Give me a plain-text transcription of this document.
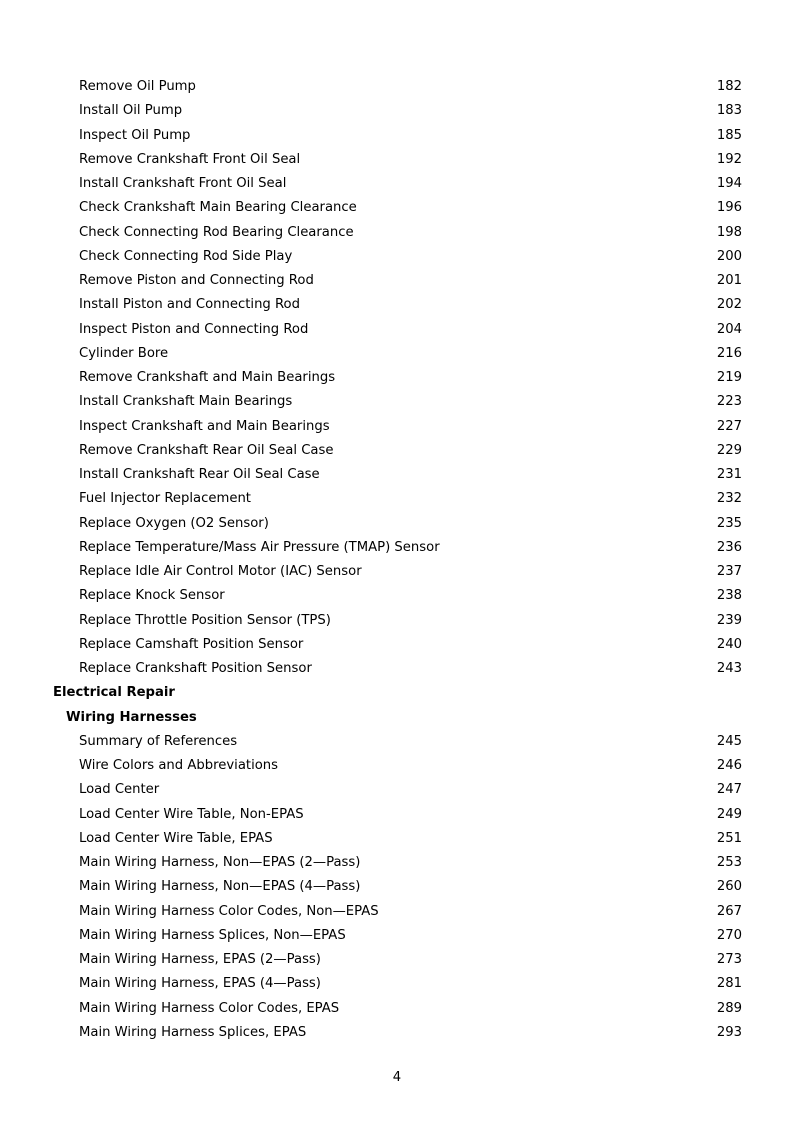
Remove Oil Pump	182
Install Oil Pump	183
Inspect Oil Pump	185
Remove Crankshaft Front Oil Seal	192
Install Crankshaft Front Oil Seal	194
Check Crankshaft Main Bearing Clearance	196
Check Connecting Rod Bearing Clearance	198
Check Connecting Rod Side Play	200
Remove Piston and Connecting Rod	201
Install Piston and Connecting Rod	202
Inspect Piston and Connecting Rod	204
Cylinder Bore	216
Remove Crankshaft and Main Bearings	219
Install Crankshaft Main Bearings	223
Inspect Crankshaft and Main Bearings	227
Remove Crankshaft Rear Oil Seal Case	229
Install Crankshaft Rear Oil Seal Case	231
Fuel Injector Replacement	232
Replace Oxygen (O2 Sensor)	235
Replace Temperature/Mass Air Pressure (TMAP) Sensor	236
Replace Idle Air Control Motor (IAC) Sensor	237
Replace Knock Sensor	238
Replace Throttle Position Sensor (TPS)	239
Replace Camshaft Position Sensor	240
Replace Crankshaft Position Sensor	243
Electrical Repair
Wiring Harnesses
Summary of References	245
Wire Colors and Abbreviations	246
Load Center	247
Load Center Wire Table, Non-EPAS	249
Load Center Wire Table, EPAS	251
Main Wiring Harness, Non—EPAS (2—Pass)	253
Main Wiring Harness, Non—EPAS (4—Pass)	260
Main Wiring Harness Color Codes, Non—EPAS	267
Main Wiring Harness Splices, Non—EPAS	270
Main Wiring Harness, EPAS (2—Pass)	273
Main Wiring Harness, EPAS (4—Pass)	281
Main Wiring Harness Color Codes, EPAS	289
Main Wiring Harness Splices, EPAS	293
4
